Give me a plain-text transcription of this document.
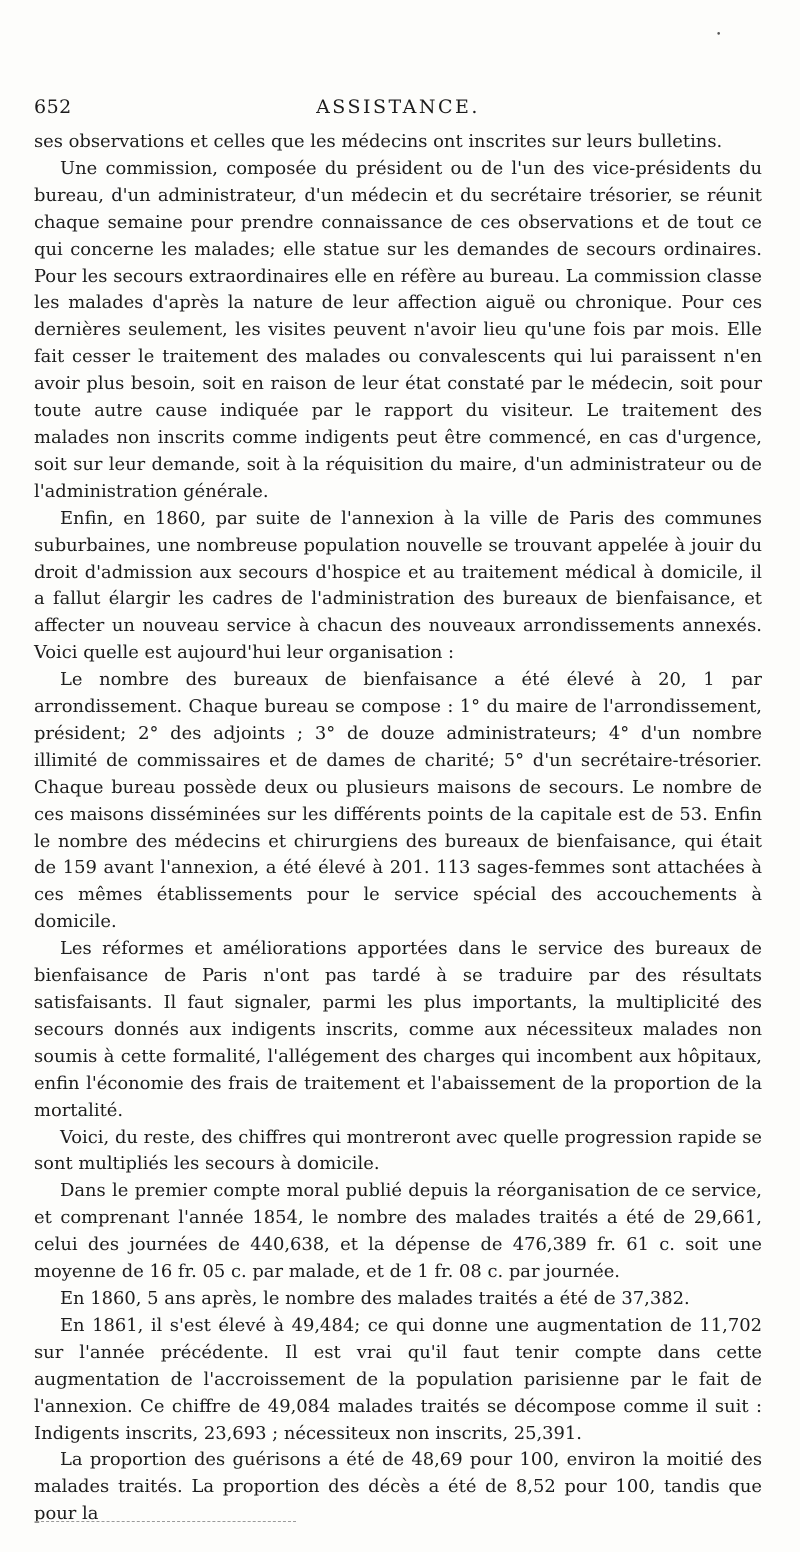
•
652	ASSISTANCE.

ses observations et celles que les médecins ont inscrites sur leurs bulletins.

Une commission, composée du président ou de l'un des vice-présidents du bureau, d'un administrateur, d'un médecin et du secrétaire trésorier, se réunit chaque semaine pour prendre connaissance de ces observations et de tout ce qui concerne les malades; elle statue sur les demandes de secours ordinaires. Pour les secours extraordinaires elle en réfère au bureau. La commission classe les malades d'après la nature de leur affection aiguë ou chronique. Pour ces dernières seulement, les visites peuvent n'avoir lieu qu'une fois par mois. Elle fait cesser le traitement des malades ou convalescents qui lui paraissent n'en avoir plus besoin, soit en raison de leur état constaté par le médecin, soit pour toute autre cause indiquée par le rapport du visiteur. Le traitement des malades non inscrits comme indigents peut être commencé, en cas d'urgence, soit sur leur demande, soit à la réquisition du maire, d'un administrateur ou de l'administration générale.

Enfin, en 1860, par suite de l'annexion à la ville de Paris des communes suburbaines, une nombreuse population nouvelle se trouvant appelée à jouir du droit d'admission aux secours d'hospice et au traitement médical à domicile, il a fallut élargir les cadres de l'administration des bureaux de bienfaisance, et affecter un nouveau service à chacun des nouveaux arrondissements annexés. Voici quelle est aujourd'hui leur organisation :

Le nombre des bureaux de bienfaisance a été élevé à 20, 1 par arrondissement. Chaque bureau se compose : 1° du maire de l'arrondissement, président; 2° des adjoints ; 3° de douze administrateurs; 4° d'un nombre illimité de commissaires et de dames de charité; 5° d'un secrétaire-trésorier. Chaque bureau possède deux ou plusieurs maisons de secours. Le nombre de ces maisons disséminées sur les différents points de la capitale est de 53. Enfin le nombre des médecins et chirurgiens des bureaux de bienfaisance, qui était de 159 avant l'annexion, a été élevé à 201. 113 sages-femmes sont attachées à ces mêmes établissements pour le service spécial des accouchements à domicile.

Les réformes et améliorations apportées dans le service des bureaux de bienfaisance de Paris n'ont pas tardé à se traduire par des résultats satisfaisants. Il faut signaler, parmi les plus importants, la multiplicité des secours donnés aux indigents inscrits, comme aux nécessiteux malades non soumis à cette formalité, l'allégement des charges qui incombent aux hôpitaux, enfin l'économie des frais de traitement et l'abaissement de la proportion de la mortalité.

Voici, du reste, des chiffres qui montreront avec quelle progression rapide se sont multipliés les secours à domicile.

Dans le premier compte moral publié depuis la réorganisation de ce service, et comprenant l'année 1854, le nombre des malades traités a été de 29,661, celui des journées de 440,638, et la dépense de 476,389 fr. 61 c. soit une moyenne de 16 fr. 05 c. par malade, et de 1 fr. 08 c. par journée.

En 1860, 5 ans après, le nombre des malades traités a été de 37,382.

En 1861, il s'est élevé à 49,484; ce qui donne une augmentation de 11,702 sur l'année précédente. Il est vrai qu'il faut tenir compte dans cette augmentation de l'accroissement de la population parisienne par le fait de l'annexion. Ce chiffre de 49,084 malades traités se décompose comme il suit : Indigents inscrits, 23,693 ; nécessiteux non inscrits, 25,391.

La proportion des guérisons a été de 48,69 pour 100, environ la moitié des malades traités. La proportion des décès a été de 8,52 pour 100, tandis que pour la
